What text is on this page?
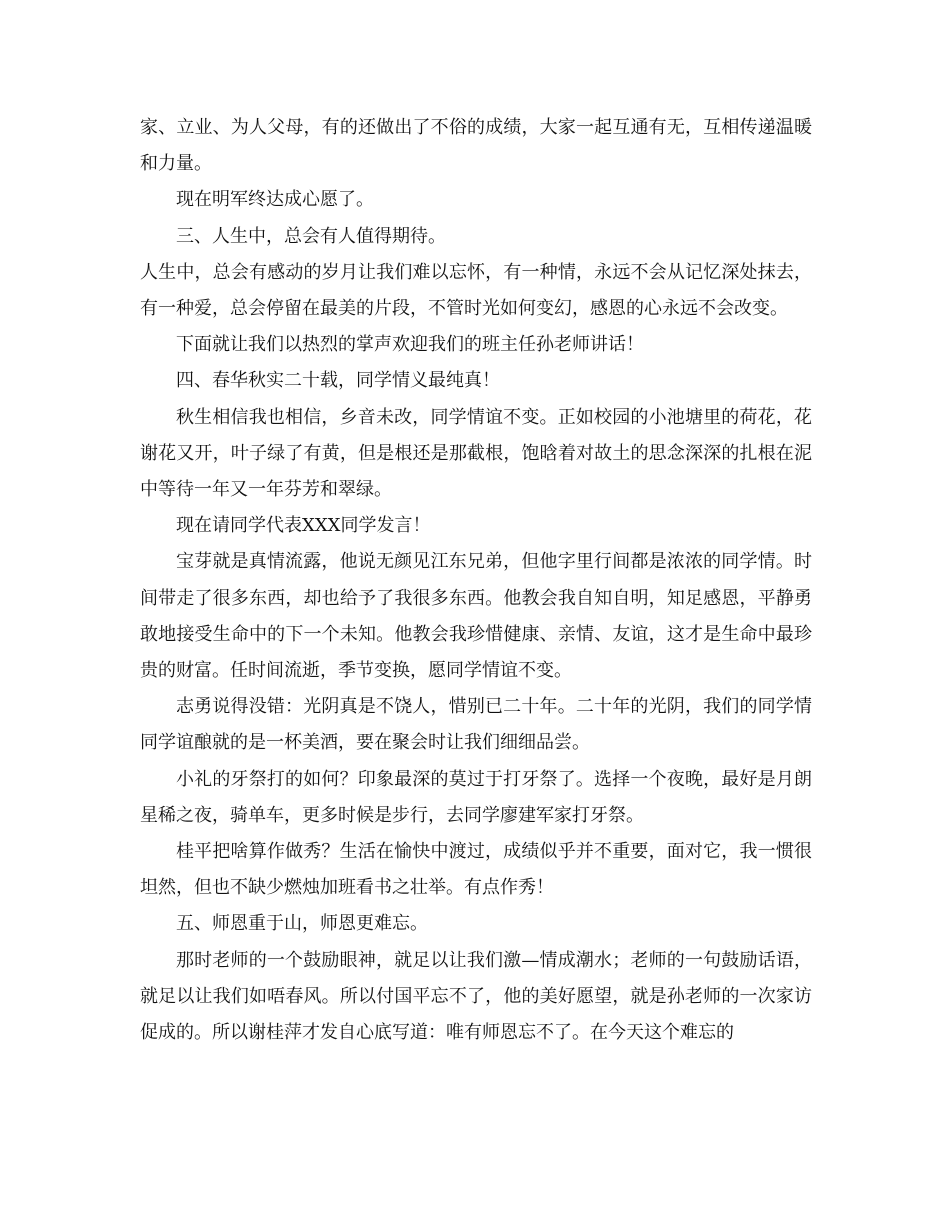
家、立业、为人父母，有的还做出了不俗的成绩，大家一起互通有无，互相传递温暖和力量。

现在明军终达成心愿了。

三、人生中，总会有人值得期待。

人生中，总会有感动的岁月让我们难以忘怀，有一种情，永远不会从记忆深处抹去，有一种爱，总会停留在最美的片段，不管时光如何变幻，感恩的心永远不会改变。

下面就让我们以热烈的掌声欢迎我们的班主任孙老师讲话！

四、春华秋实二十载，同学情义最纯真！

秋生相信我也相信，乡音未改，同学情谊不变。正如校园的小池塘里的荷花，花谢花又开，叶子绿了有黄，但是根还是那截根，饱晗着对故土的思念深深的扎根在泥中等待一年又一年芬芳和翠绿。

现在请同学代表XXX同学发言！

宝芽就是真情流露，他说无颜见江东兄弟，但他字里行间都是浓浓的同学情。时间带走了很多东西，却也给予了我很多东西。他教会我自知自明，知足感恩，平静勇敢地接受生命中的下一个未知。他教会我珍惜健康、亲情、友谊，这才是生命中最珍贵的财富。任时间流逝，季节变换，愿同学情谊不变。

志勇说得没错：光阴真是不饶人，惜别已二十年。二十年的光阴，我们的同学情同学谊酿就的是一杯美酒，要在聚会时让我们细细品尝。

小礼的牙祭打的如何？印象最深的莫过于打牙祭了。选择一个夜晚，最好是月朗星稀之夜，骑单车，更多时候是步行，去同学廖建军家打牙祭。

桂平把啥算作做秀？生活在愉快中渡过，成绩似乎并不重要，面对它，我一惯很坦然，但也不缺少燃烛加班看书之壮举。有点作秀！

五、师恩重于山，师恩更难忘。

那时老师的一个鼓励眼神，就足以让我们激—情成潮水；老师的一句鼓励话语，就足以让我们如唔春风。所以付国平忘不了，他的美好愿望，就是孙老师的一次家访促成的。所以谢桂萍才发自心底写道：唯有师恩忘不了。在今天这个难忘的
